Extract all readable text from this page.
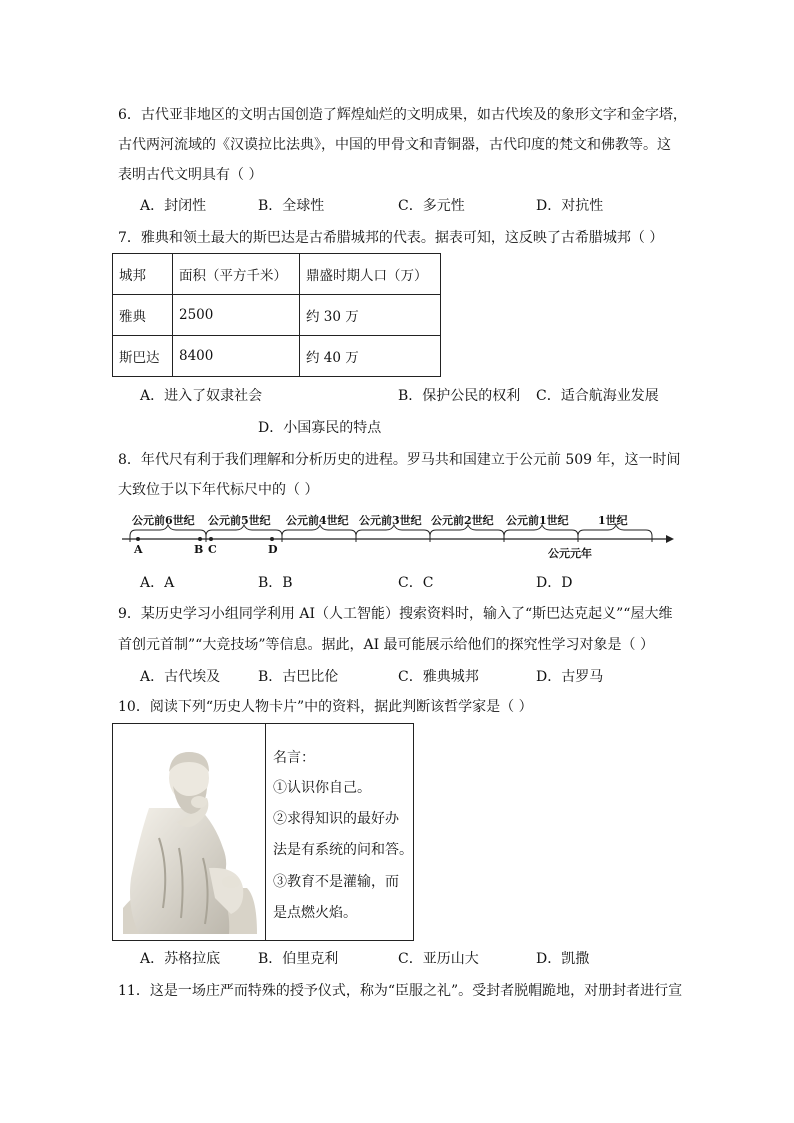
6．古代亚非地区的文明古国创造了辉煌灿烂的文明成果，如古代埃及的象形文字和金字塔，
古代两河流域的《汉谟拉比法典》，中国的甲骨文和青铜器，古代印度的梵文和佛教等。这
表明古代文明具有（ ）
A．封闭性	B．全球性	C．多元性	D．对抗性
7．雅典和领土最大的斯巴达是古希腊城邦的代表。据表可知，这反映了古希腊城邦（ ）
城邦	面积（平方千米）	鼎盛时期人口（万）
雅典	2500	约 30 万
斯巴达	8400	约 40 万
A．进入了奴隶社会	B．保护公民的权利 C．适合航海业发展
D．小国寡民的特点
8．年代尺有利于我们理解和分析历史的进程。罗马共和国建立于公元前 509 年，这一时间
大致位于以下年代标尺中的（ ）
公元前6世纪 公元前5世纪 公元前4世纪 公元前3世纪 公元前2世纪 公元前1世纪	1世纪
A	B C	D	公元元年
A．A	B．B	C．C	D．D
9．某历史学习小组同学利用 AI（人工智能）搜索资料时，输入了“斯巴达克起义”“屋大维
首创元首制”“大竞技场”等信息。据此，AI 最可能展示给他们的探究性学习对象是（ ）
A．古代埃及	B．古巴比伦	C．雅典城邦	D．古罗马
10．阅读下列“历史人物卡片”中的资料，据此判断该哲学家是（ ）
名言：
①认识你自己。
②求得知识的最好办
法是有系统的问和答。
③教育不是灌输，而
是点燃火焰。
A．苏格拉底	B．伯里克利	C．亚历山大	D．凯撒
11．这是一场庄严而特殊的授予仪式，称为“臣服之礼”。受封者脱帽跪地，对册封者进行宣
